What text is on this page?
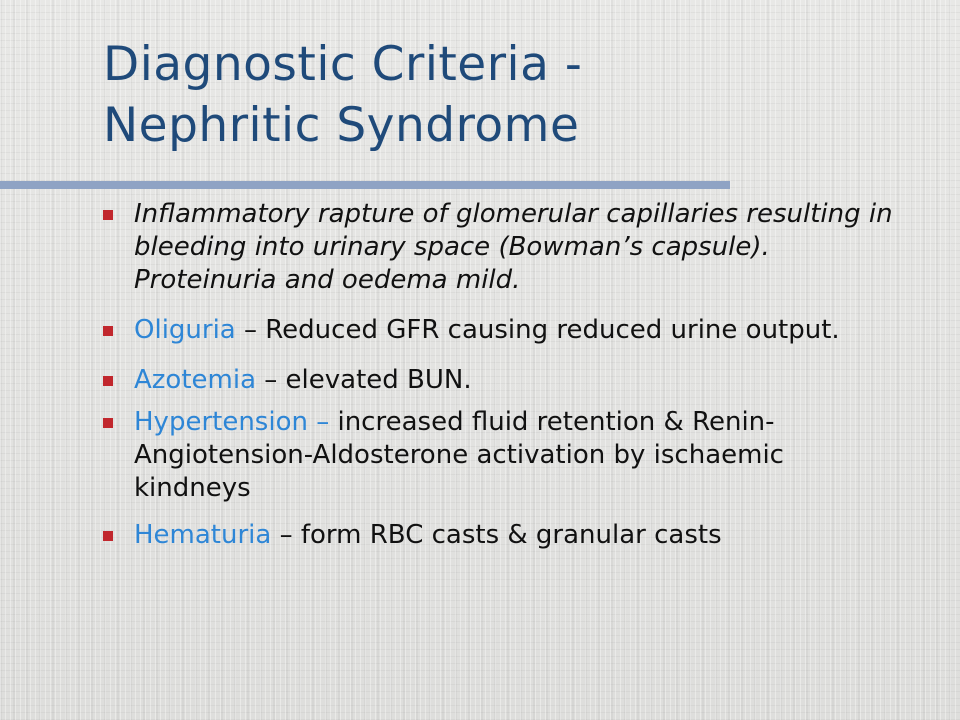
Diagnostic Criteria -
Nephritic Syndrome
Inflammatory rapture of glomerular capillaries resulting in bleeding into urinary space (Bowman’s capsule). Proteinuria and oedema mild.
Oliguria – Reduced GFR causing reduced urine output.
Azotemia – elevated BUN.
Hypertension – increased fluid retention & Renin-Angiotension-Aldosterone activation by ischaemic kindneys
Hematuria – form RBC casts & granular casts
